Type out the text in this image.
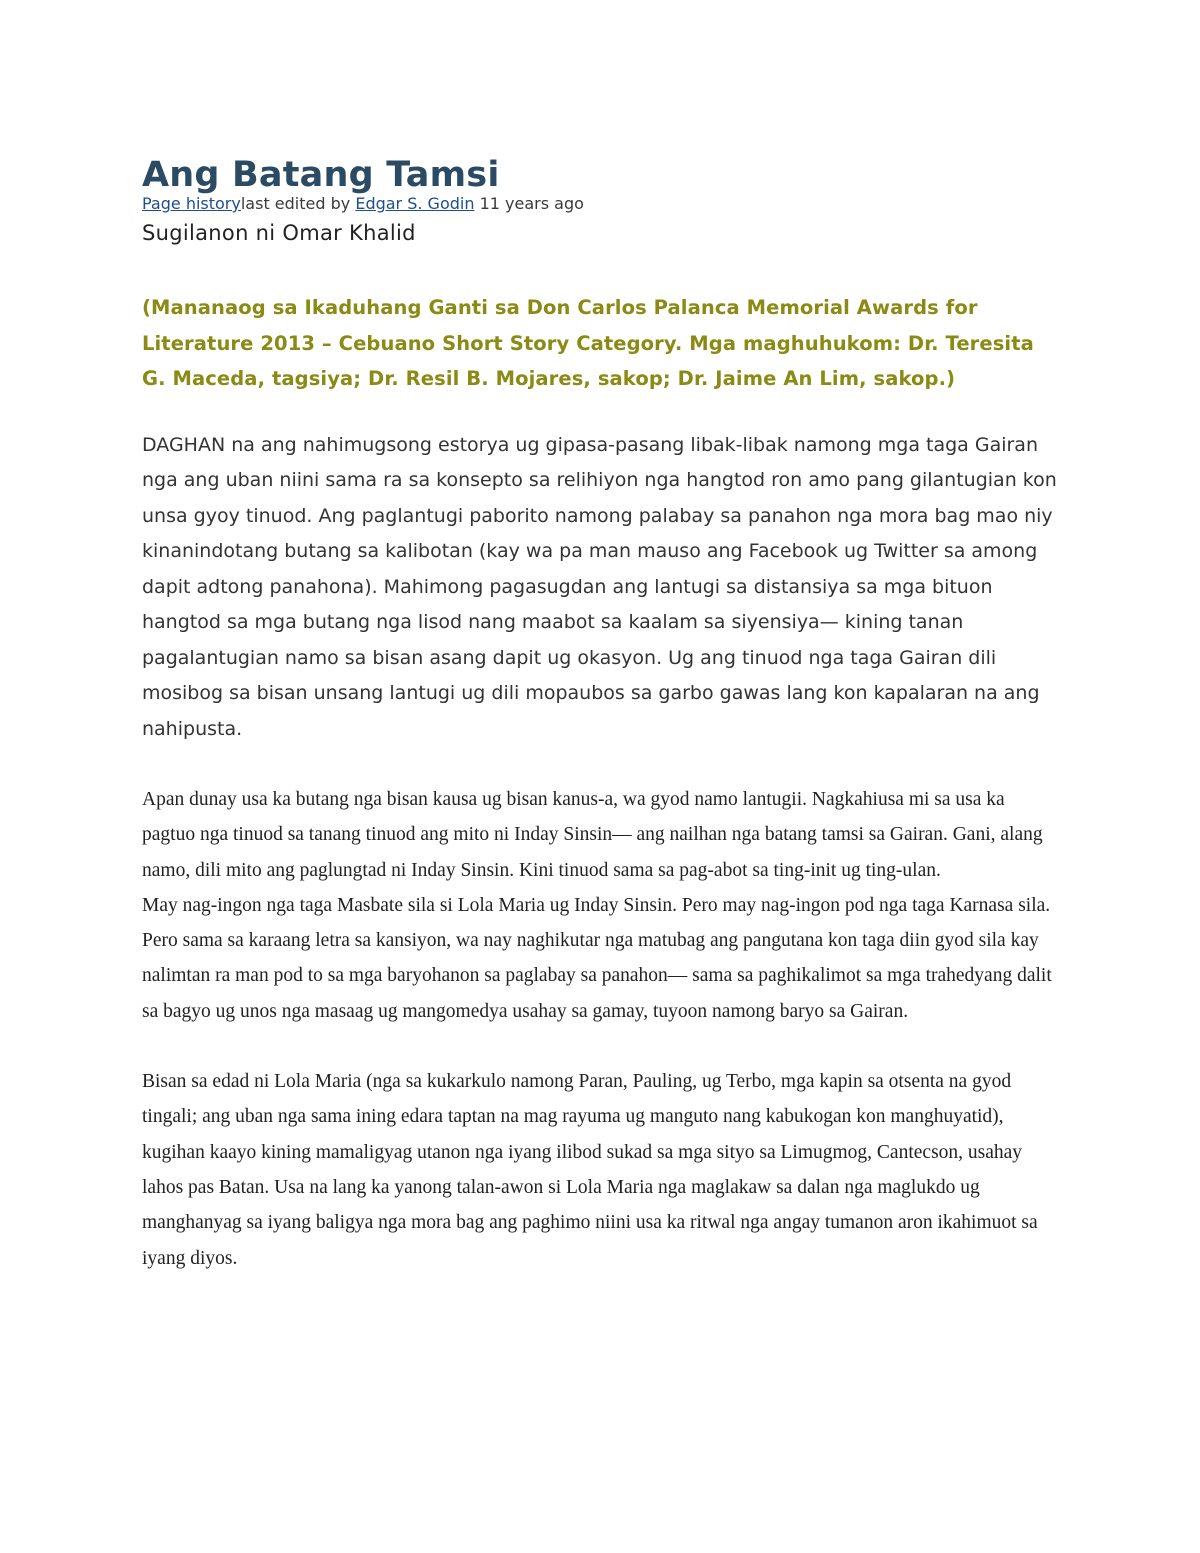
Ang Batang Tamsi
Page historylast edited by Edgar S. Godin 11 years ago
Sugilanon ni Omar Khalid

(Mananaog sa Ikaduhang Ganti sa Don Carlos Palanca Memorial Awards for Literature 2013 – Cebuano Short Story Category. Mga maghuhukom: Dr. Teresita G. Maceda, tagsiya; Dr. Resil B. Mojares, sakop; Dr. Jaime An Lim, sakop.)

DAGHAN na ang nahimugsong estorya ug gipasa-pasang libak-libak namong mga taga Gairan nga ang uban niini sama ra sa konsepto sa relihiyon nga hangtod ron amo pang gilantugian kon unsa gyoy tinuod. Ang paglantugi paborito namong palabay sa panahon nga mora bag mao niy kinanindotang butang sa kalibotan (kay wa pa man mauso ang Facebook ug Twitter sa among dapit adtong panahona). Mahimong pagasugdan ang lantugi sa distansiya sa mga bituon hangtod sa mga butang nga lisod nang maabot sa kaalam sa siyensiya— kining tanan pagalantugian namo sa bisan asang dapit ug okasyon. Ug ang tinuod nga taga Gairan dili mosibog sa bisan unsang lantugi ug dili mopaubos sa garbo gawas lang kon kapalaran na ang nahipusta.

Apan dunay usa ka butang nga bisan kausa ug bisan kanus-a, wa gyod namo lantugii. Nagkahiusa mi sa usa ka pagtuo nga tinuod sa tanang tinuod ang mito ni Inday Sinsin— ang nailhan nga batang tamsi sa Gairan. Gani, alang namo, dili mito ang paglungtad ni Inday Sinsin. Kini tinuod sama sa pag-abot sa ting-init ug ting-ulan.

May nag-ingon nga taga Masbate sila si Lola Maria ug Inday Sinsin. Pero may nag-ingon pod nga taga Karnasa sila. Pero sama sa karaang letra sa kansiyon, wa nay naghikutar nga matubag ang pangutana kon taga diin gyod sila kay nalimtan ra man pod to sa mga baryohanon sa paglabay sa panahon— sama sa paghikalimot sa mga trahedyang dalit sa bagyo ug unos nga masaag ug mangomedya usahay sa gamay, tuyoon namong baryo sa Gairan.

Bisan sa edad ni Lola Maria (nga sa kukarkulo namong Paran, Pauling, ug Terbo, mga kapin sa otsenta na gyod tingali; ang uban nga sama ining edara taptan na mag rayuma ug manguto nang kabukogan kon manghuyatid), kugihan kaayo kining mamaligyag utanon nga iyang ilibod sukad sa mga sityo sa Limugmog, Cantecson, usahay lahos pas Batan. Usa na lang ka yanong talan-awon si Lola Maria nga maglakaw sa dalan nga maglukdo ug manghanyag sa iyang baligya nga mora bag ang paghimo niini usa ka ritwal nga angay tumanon aron ikahimuot sa iyang diyos.
